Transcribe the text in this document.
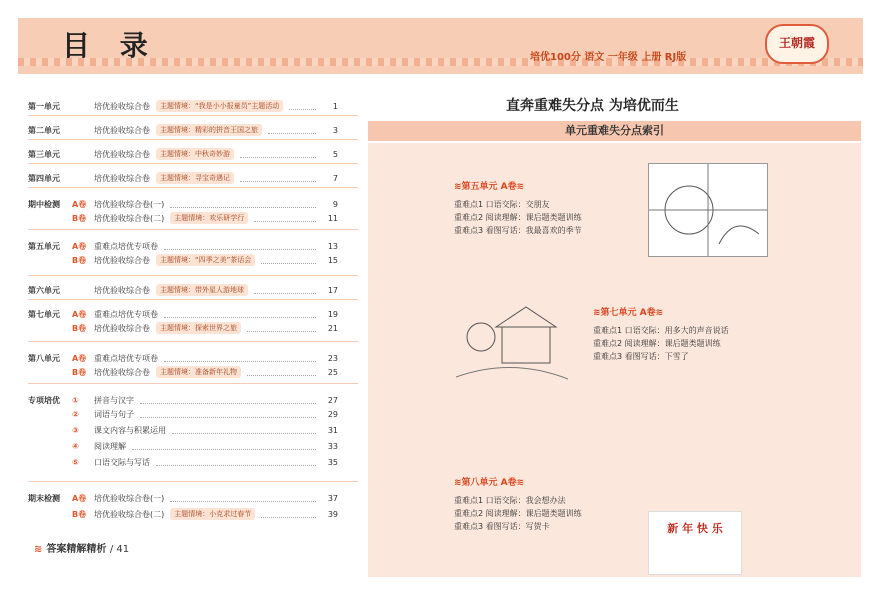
目 录	培优100分 语文 一年级 上册 RJ版
王朝霞
第一单元	培优验收综合卷	主题情境：“我是小小报童员”主题活动	1
第二单元	培优验收综合卷	主题情境：精彩的拼音王国之旅	3
第三单元	培优验收综合卷	主题情境：中秋奇妙游	5
第四单元	培优验收综合卷	主题情境：寻宝奇遇记	7
期中检测	A卷 培优验收综合卷(一)	9
B卷 培优验收综合卷(二)	主题情境：欢乐研学行	11
第五单元	A卷 重难点培优专项卷	13
B卷 培优验收综合卷	主题情境：“四季之美”茶话会	15
第六单元	培优验收综合卷	主题情境：带外星人游地球	17
第七单元	A卷 重难点培优专项卷	19
B卷 培优验收综合卷	主题情境：探索世界之旅	21
第八单元	A卷 重难点培优专项卷	23
B卷 培优验收综合卷	主题情境：准备新年礼物	25
专项培优	①	拼音与汉字	27
②	词语与句子	29
③	课文内容与积累运用	31
④	阅读理解	33
⑤	口语交际与写话	35
期末检测	A卷 培优验收综合卷(一)	37
B卷 培优验收综合卷(二)	主题情境：小克求过春节	39
≋ 答案精解精析 / 41
直奔重难失分点 为培优而生
单元重难失分点索引
≋第五单元 A卷≋
重难点1 口语交际：交朋友
重难点2 阅读理解：课后题类题训练
重难点3 看图写话：我最喜欢的季节
≋第七单元 A卷≋
重难点1 口语交际：用多大的声音说话
重难点2 阅读理解：课后题类题训练
重难点3 看图写话：下雪了
≋第八单元 A卷≋
重难点1 口语交际：我会想办法
重难点2 阅读理解：课后题类题训练
重难点3 看图写话：写贺卡	新 年 快 乐
